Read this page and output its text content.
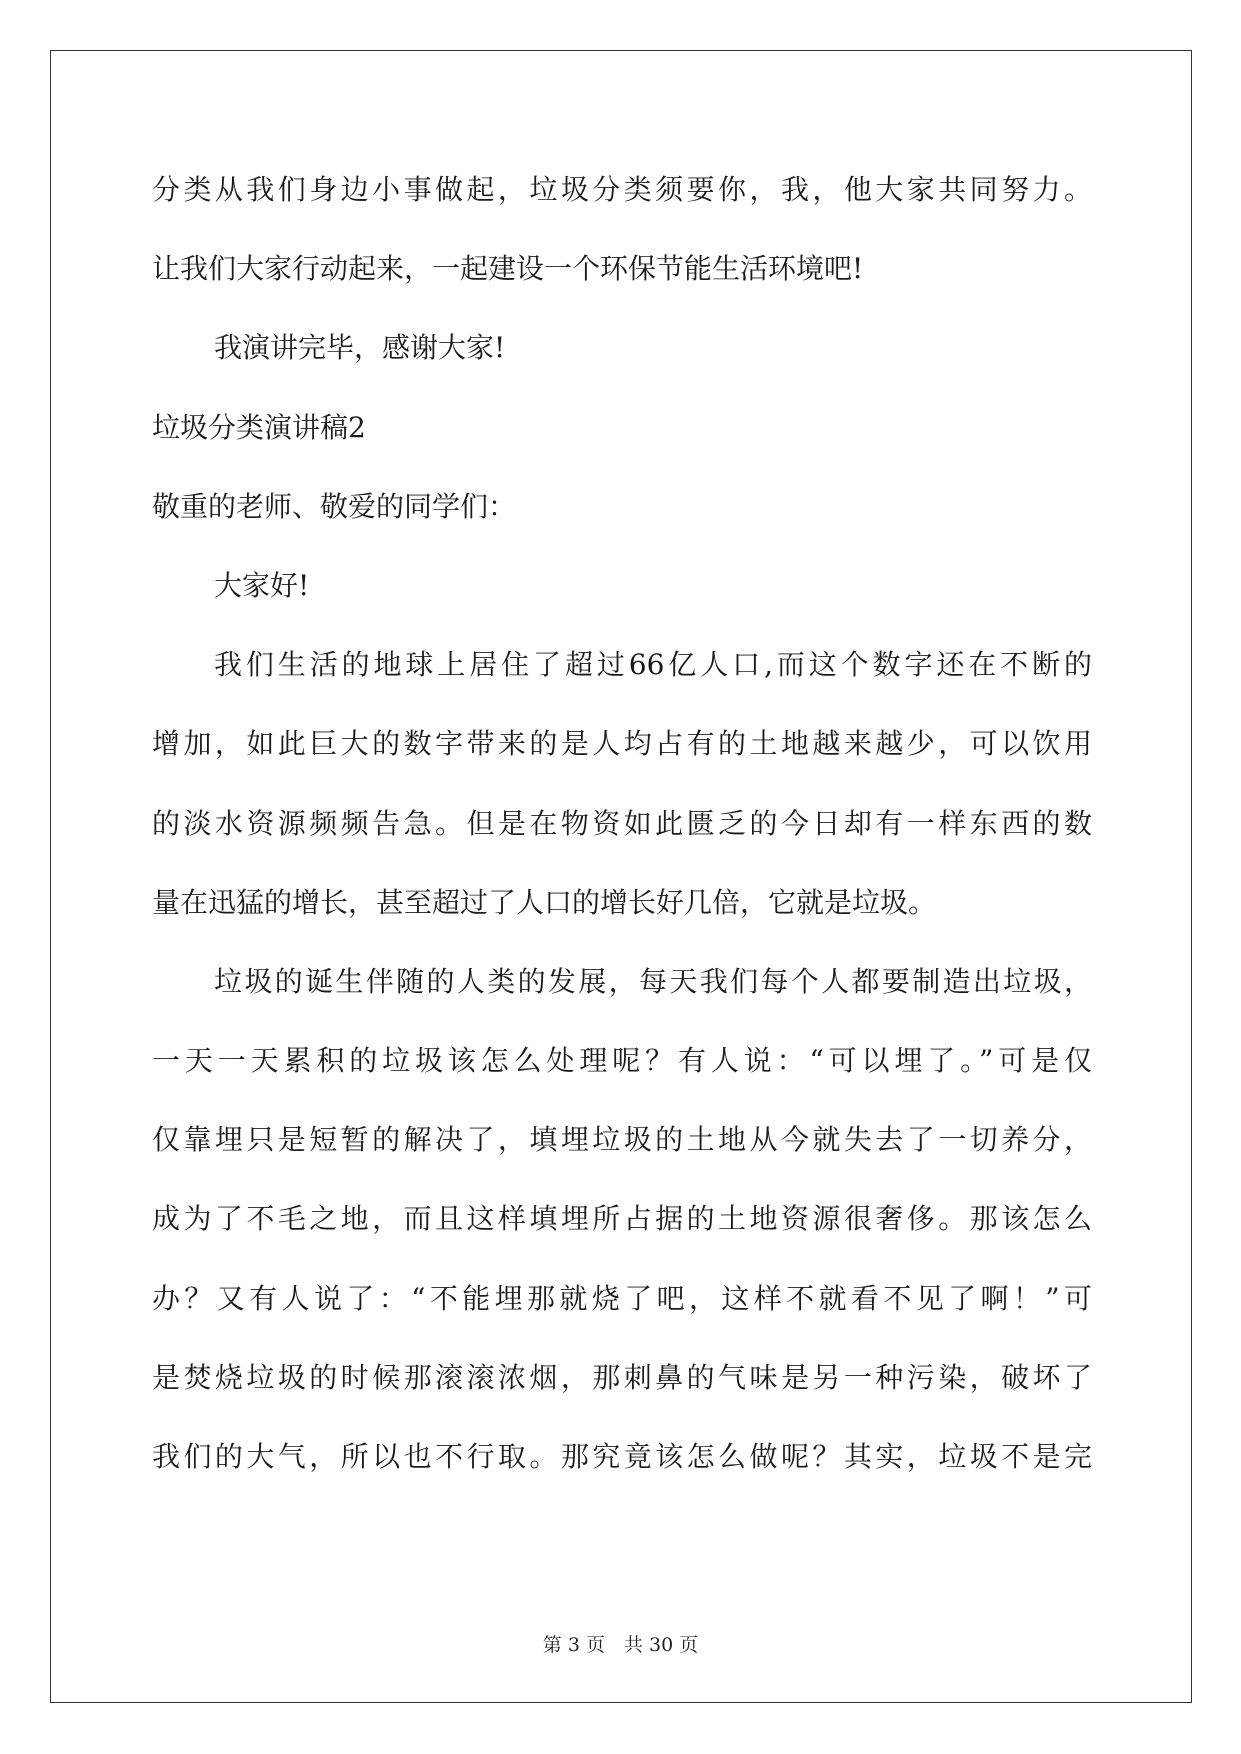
分类从我们身边小事做起，垃圾分类须要你，我，他大家共同努力。
让我们大家行动起来，一起建设一个环保节能生活环境吧!
我演讲完毕，感谢大家!
垃圾分类演讲稿2
敬重的老师、敬爱的同学们：
大家好!
我们生活的地球上居住了超过66亿人口,而这个数字还在不断的
增加，如此巨大的数字带来的是人均占有的土地越来越少，可以饮用
的淡水资源频频告急。但是在物资如此匮乏的今日却有一样东西的数
量在迅猛的增长，甚至超过了人口的增长好几倍，它就是垃圾。
垃圾的诞生伴随的人类的发展，每天我们每个人都要制造出垃圾，
一天一天累积的垃圾该怎么处理呢？有人说：“可以埋了。”可是仅
仅靠埋只是短暂的解决了，填埋垃圾的土地从今就失去了一切养分，
成为了不毛之地，而且这样填埋所占据的土地资源很奢侈。那该怎么
办？又有人说了：“不能埋那就烧了吧，这样不就看不见了啊！”可
是焚烧垃圾的时候那滚滚浓烟，那刺鼻的气味是另一种污染，破坏了
我们的大气，所以也不行取。那究竟该怎么做呢？其实，垃圾不是完
第 3 页　共 30 页
